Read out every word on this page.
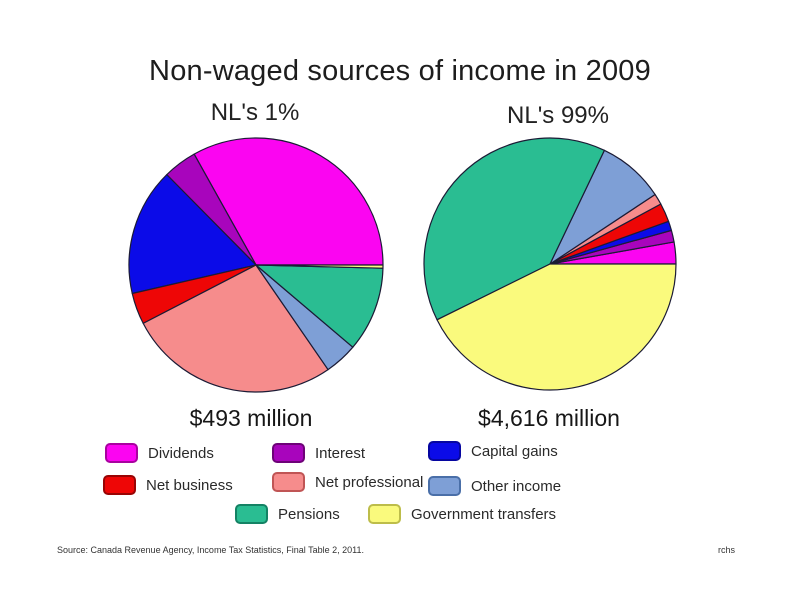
Non-waged sources of income in 2009
NL's 1%	NL's 99%
$493 million	$4,616 million
Dividends	Interest	Capital gains
Net business	Net professional	Other income
Pensions	Government transfers
Source: Canada Revenue Agency, Income Tax Statistics, Final Table 2, 2011.	rchs
